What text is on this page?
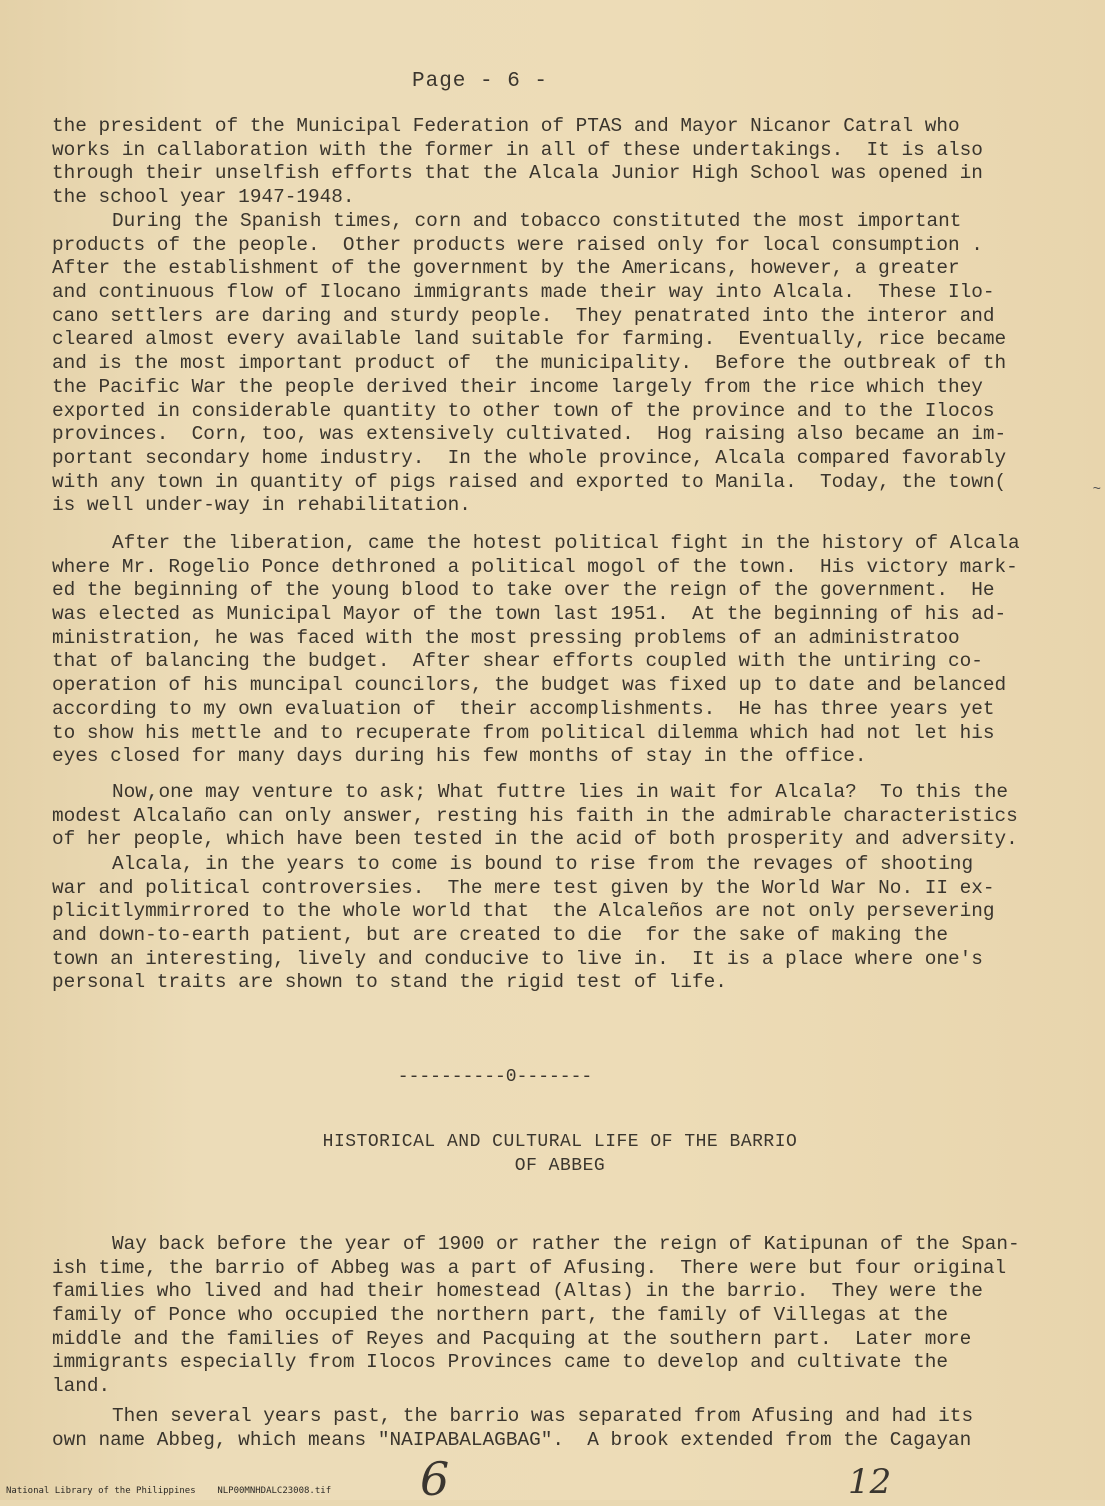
Page - 6 -
the president of the Municipal Federation of PTAS and Mayor Nicanor Catral who
works in callaboration with the former in all of these undertakings.  It is also
through their unselfish efforts that the Alcala Junior High School was opened in
the school year 1947-1948.
During the Spanish times, corn and tobacco constituted the most important
products of the people.  Other products were raised only for local consumption .
After the establishment of the government by the Americans, however, a greater
and continuous flow of Ilocano immigrants made their way into Alcala.  These Ilo-
cano settlers are daring and sturdy people.  They penatrated into the interor and
cleared almost every available land suitable for farming.  Eventually, rice became
and is the most important product of  the municipality.  Before the outbreak of th
the Pacific War the people derived their income largely from the rice which they
exported in considerable quantity to other town of the province and to the Ilocos
provinces.  Corn, too, was extensively cultivated.  Hog raising also became an im-
portant secondary home industry.  In the whole province, Alcala compared favorably
with any town in quantity of pigs raised and exported to Manila.  Today, the town(
is well under-way in rehabilitation.
After the liberation, came the hotest political fight in the history of Alcala
where Mr. Rogelio Ponce dethroned a political mogol of the town.  His victory mark-
ed the beginning of the young blood to take over the reign of the government.  He
was elected as Municipal Mayor of the town last 1951.  At the beginning of his ad-
ministration, he was faced with the most pressing problems of an administratoo
that of balancing the budget.  After shear efforts coupled with the untiring co-
operation of his muncipal councilors, the budget was fixed up to date and belanced
according to my own evaluation of  their accomplishments.  He has three years yet
to show his mettle and to recuperate from political dilemma which had not let his
eyes closed for many days during his few months of stay in the office.
Now,one may venture to ask; What futtre lies in wait for Alcala?  To this the
modest Alcalaño can only answer, resting his faith in the admirable characteristics
of her people, which have been tested in the acid of both prosperity and adversity.
Alcala, in the years to come is bound to rise from the revages of shooting
war and political controversies.  The mere test given by the World War No. II ex-
plicitlymmirrored to the whole world that  the Alcaleños are not only persevering
and down-to-earth patient, but are created to die  for the sake of making the
town an interesting, lively and conducive to live in.  It is a place where one's
personal traits are shown to stand the rigid test of life.
----------0-------
HISTORICAL AND CULTURAL LIFE OF THE BARRIO
OF ABBEG
Way back before the year of 1900 or rather the reign of Katipunan of the Span-
ish time, the barrio of Abbeg was a part of Afusing.  There were but four original
families who lived and had their homestead (Altas) in the barrio.  They were the
family of Ponce who occupied the northern part, the family of Villegas at the
middle and the families of Reyes and Pacquing at the southern part.  Later more
immigrants especially from Ilocos Provinces came to develop and cultivate the
land.
Then several years past, the barrio was separated from Afusing and had its
own name Abbeg, which means "NAIPABALAGBAG".  A brook extended from the Cagayan
~
6	12
National Library of the Philippines    NLP00MNHDALC23008.tif
